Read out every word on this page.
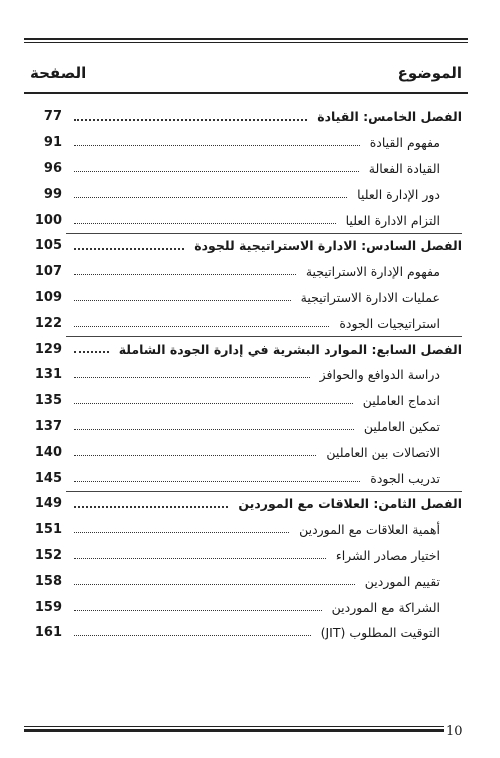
الصفحة	الموضوع
الفصل الخامس: القيادة
77
مفهوم القيادة
91
القيادة الفعالة
96
دور الإدارة العليا
99
التزام الادارة العليا
100
الفصل السادس: الادارة الاستراتيجية للجودة
105
مفهوم الإدارة الاستراتيجية
107
عمليات الادارة الاستراتيجية
109
استراتيجيات الجودة
122
الفصل السابع: الموارد البشرية في إدارة الجودة الشاملة
129
دراسة الدوافع والحوافز
131
اندماج العاملين
135
تمكين العاملين
137
الاتصالات بين العاملين
140
تدريب الجودة
145
الفصل الثامن: العلاقات مع الموردين
149
أهمية العلاقات مع الموردين
151
اختيار مصادر الشراء
152
تقييم الموردين
158
الشراكة مع الموردين
159
التوقيت المطلوب (JIT)
161
10
